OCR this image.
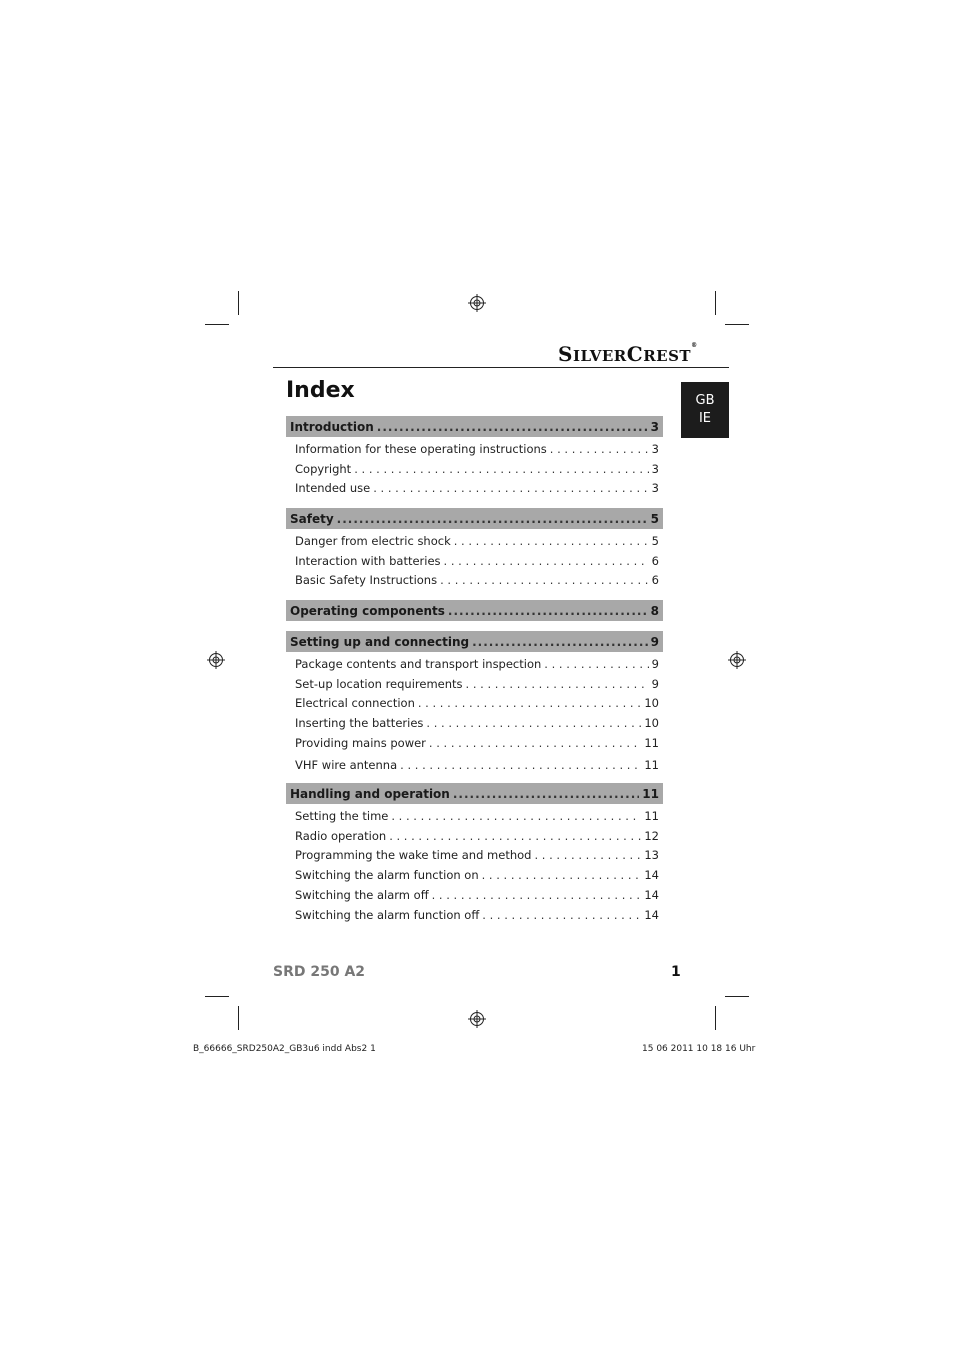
SILVERCREST®
Index	GB
IE
Introduction .....	3
Information for these operating instructions . . .	3
Copyright . . .	3
Intended use . . .	3
Safety .....	5
Danger from electric shock . . .	5
Interaction with batteries . . .	6
Basic Safety Instructions . . .	6
Operating components .....	8
Setting up and connecting .....	9
Package contents and transport inspection . . .	9
Set-up location requirements . . .	9
Electrical connection . . .	10
Inserting the batteries . . .	10
Providing mains power . . .	11
VHF wire antenna . . .	11
Handling and operation .....	11
Setting the time . . .	11
Radio operation . . .	12
Programming the wake time and method . . .	13
Switching the alarm function on . . .	14
Switching the alarm off . . .	14
Switching the alarm function off . . .	14
SRD 250 A2	1
B_66666_SRD250A2_GB3u6 indd Abs2 1	15 06 2011 10 18 16 Uhr
